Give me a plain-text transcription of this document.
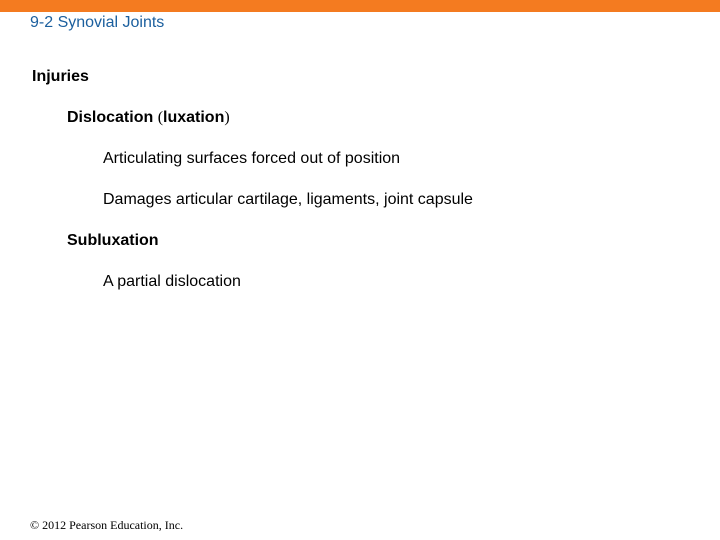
9-2 Synovial Joints
Injuries
Dislocation (luxation)
Articulating surfaces forced out of position
Damages articular cartilage, ligaments, joint capsule
Subluxation
A partial dislocation
© 2012 Pearson Education, Inc.
